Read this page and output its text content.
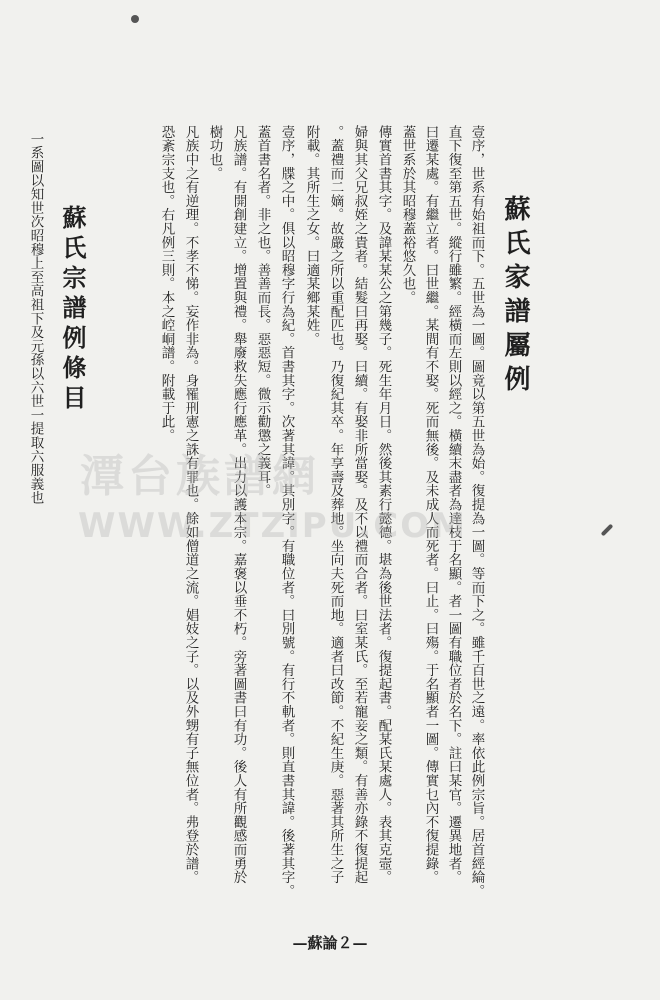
蘇氏家譜屬例
壹序，世系有始祖而下。五世為一圖。圖竟以第五世為始。復提為一圖。等而下之。雖千百世之遠。率依此例宗旨。居首經綸。
直下復至第五世。縱行雖繁。經橫而左則以經之。橫續末盡者為達枝于名顯。者一圖有職位者於名下。註曰某官。遷異地者。
曰遷某處。有繼立者。曰世繼。某間有不娶。死而無後。及未成人而死者。曰止。曰殤。于名顯者一圖。傳實乜內不復提錄。
蓋世系於其昭穆蓋裕悠久也。
傳實首書其字。及諱某某公之第幾子。死生年月日。然後其素行懿德。堪為後世法者。復提起書。配某氏某處人。表其克壼。
婦與其父兄叔姪之貴者。結髮曰再娶。曰續。有娶非所當娶。及不以禮而合者。曰室某氏。至若寵妾之類。有善亦錄不復提起
。蓋禮而二嫡。故嚴之所以重配匹也。乃復紀其卒。年享壽及葬地。坐向夫死而地。適者曰改節。不紀生庚。惡著其所生之子
附載。其所生之女。曰適某鄉某姓。
壹序，牒之中。俱以昭穆字行為紀。首書其字。次著其諱。其別字。有職位者。曰別號。有行不軌者。則直書其諱。後著其字。
蓋首書名者。非之也。善善而長。惡惡短。微示勸懲之義耳。
凡族譜。有開創建立。增置與禮。舉廢救失應行應革。出力以護本宗。嘉褒以垂不朽。旁著圖書曰有功。後人有所觀感而勇於
樹功也。
凡族中之有逆理。不孝不悌。妄作非為。身罹刑憲之誅有罪也。餘如僧道之流。娼妓之子。以及外甥有子無位者。弗登於譜。
恐紊宗支也。右凡例三則。本之崆峒譜。附載于此。
蘇氏宗譜例條目
一系圖以知世次昭穆上至高祖下及元孫以六世一提取六服義也 潭台族譜網
WWW.ZTZIPU.COM
—蘇論２—
